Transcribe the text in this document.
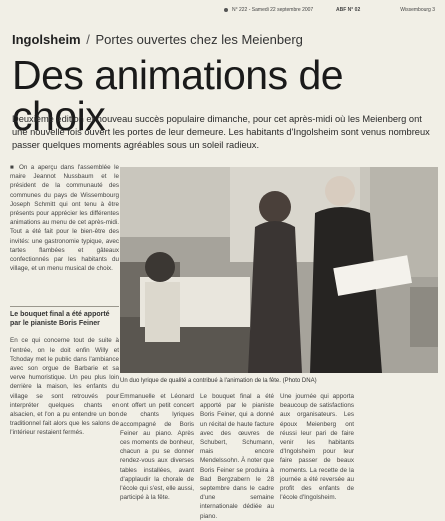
N° 222 - Samedi 22 septembre 2007	ABF N° 02	Wissembourg 3
Ingolsheim / Portes ouvertes chez les Meienberg
Des animations de choix
Deuxième édition et nouveau succès populaire dimanche, pour cet après-midi où les Meienberg ont une nouvelle fois ouvert les portes de leur demeure. Les habitants d'Ingolsheim sont venus nombreux passer quelques moments agréables sous un soleil radieux.

■ On a aperçu dans l'assemblée le maire Jeannot Nussbaum et le président de la communauté des communes du pays de Wissembourg Joseph Schmitt qui ont tenu à être présents pour apprécier les différentes animations au menu de cet après-midi. Tout a été fait pour le bien-être des invités: une gastronomie typique, avec tartes flambées et gâteaux confectionnés par les habitants du village, et un menu musical de choix.

Le bouquet final a été apporté par le pianiste Boris Feiner

En ce qui concerne tout de suite à l'entrée, on le doit enfin Willy et Tchoday met le public dans l'ambiance avec son orgue de Barbarie et sa verve humoristique. Un peu plus loin derrière la maison, les enfants du village se sont retrouvés pour interpréter quelques chants en alsacien, et l'on a pu entendre un bon traditionnel fait alors que les salons de l'intérieur restaient fermés.

Un duo lyrique de qualité a contribué à l'animation de la fête. (Photo DNA)

Emmanuelle et Léonard ont offert un petit concert de chants lyriques accompagné de Boris Feiner au piano. Après ces moments de bonheur, chacun a pu se donner rendez-vous aux diverses tables installées, avant d'applaudir la chorale de l'école qui s'est, elle aussi, participé à la fête.

Le bouquet final a été apporté par le pianiste Boris Feiner, qui a donné un récital de haute facture avec des œuvres de Schubert, Schumann, mais encore Mendelssohn. À noter que Boris Feiner se produira à Bad Bergzabern le 28 septembre dans le cadre d'une semaine internationale dédiée au piano.

Une journée qui apporta beaucoup de satisfactions aux organisateurs. Les époux Meienberg ont réussi leur pari de faire venir les habitants d'Ingolsheim pour leur faire passer de beaux moments. La recette de la journée a été reversée au profit des enfants de l'école d'Ingolsheim.
